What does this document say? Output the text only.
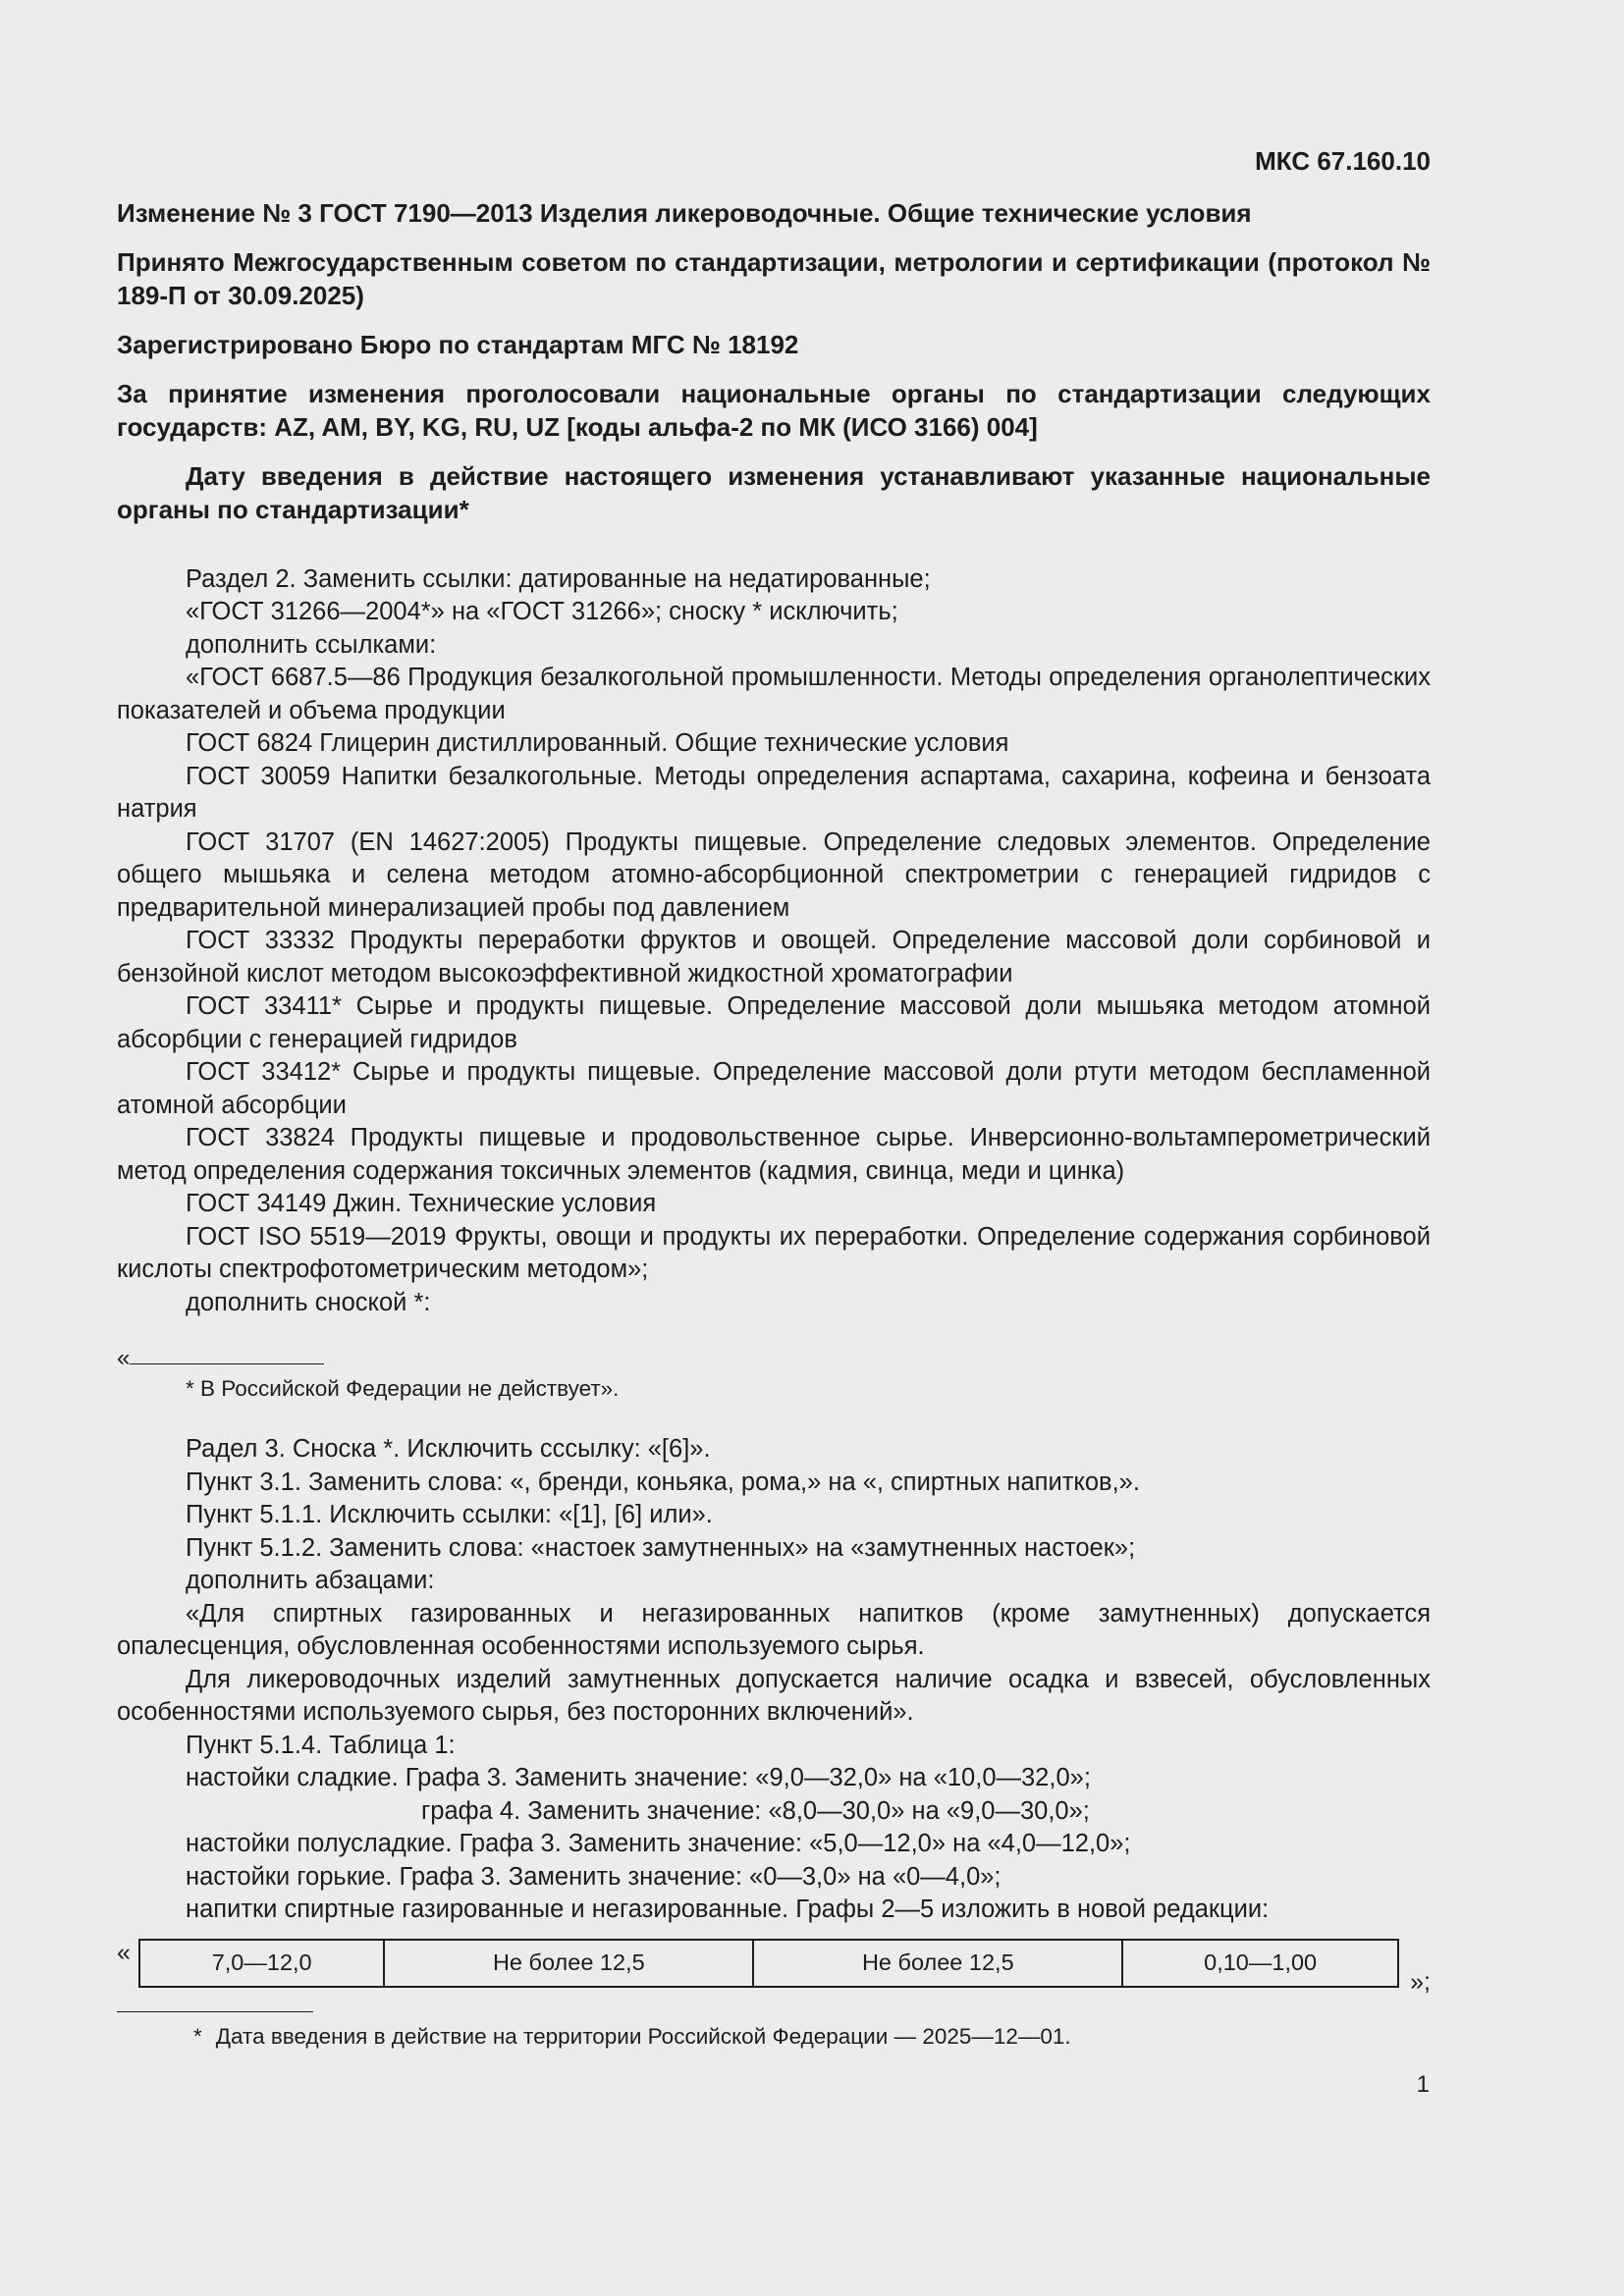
МКС 67.160.10
Изменение № 3 ГОСТ 7190—2013 Изделия ликероводочные. Общие технические условия
Принято Межгосударственным советом по стандартизации, метрологии и сертификации (протокол № 189-П от 30.09.2025)
Зарегистрировано Бюро по стандартам МГС № 18192
За принятие изменения проголосовали национальные органы по стандартизации следующих государств: AZ, AM, BY, KG, RU, UZ [коды альфа-2 по МК (ИСО 3166) 004]
Дату введения в действие настоящего изменения устанавливают указанные национальные органы по стандартизации*

Раздел 2. Заменить ссылки: датированные на недатированные;

«ГОСТ 31266—2004*» на «ГОСТ 31266»; сноску * исключить;

дополнить ссылками:

«ГОСТ 6687.5—86 Продукция безалкогольной промышленности. Методы определения органолептических показателей и объема продукции

ГОСТ 6824 Глицерин дистиллированный. Общие технические условия

ГОСТ 30059 Напитки безалкогольные. Методы определения аспартама, сахарина, кофеина и бензоата натрия

ГОСТ 31707 (EN 14627:2005) Продукты пищевые. Определение следовых элементов. Определение общего мышьяка и селена методом атомно-абсорбционной спектрометрии с генерацией гидридов с предварительной минерализацией пробы под давлением

ГОСТ 33332 Продукты переработки фруктов и овощей. Определение массовой доли сорбиновой и бензойной кислот методом высокоэффективной жидкостной хроматографии

ГОСТ 33411* Сырье и продукты пищевые. Определение массовой доли мышьяка методом атомной абсорбции с генерацией гидридов

ГОСТ 33412* Сырье и продукты пищевые. Определение массовой доли ртути методом беспламенной атомной абсорбции

ГОСТ 33824 Продукты пищевые и продовольственное сырье. Инверсионно-вольтамперометрический метод определения содержания токсичных элементов (кадмия, свинца, меди и цинка)

ГОСТ 34149 Джин. Технические условия

ГОСТ ISO 5519—2019 Фрукты, овощи и продукты их переработки. Определение содержания сорбиновой кислоты спектрофотометрическим методом»;

дополнить сноской *:

«
* В Российской Федерации не действует».

Радел 3. Сноска *. Исключить сссылку: «[6]».

Пункт 3.1. Заменить слова: «, бренди, коньяка, рома,» на «, спиртных напитков,».

Пункт 5.1.1. Исключить ссылки: «[1], [6] или».

Пункт 5.1.2. Заменить слова: «настоек замутненных» на «замутненных настоек»;

дополнить абзацами:

«Для спиртных газированных и негазированных напитков (кроме замутненных) допускается опалесценция, обусловленная особенностями используемого сырья.

Для ликероводочных изделий замутненных допускается наличие осадка и взвесей, обусловленных особенностями используемого сырья, без посторонних включений».

Пункт 5.1.4. Таблица 1:

настойки сладкие. Графа 3. Заменить значение: «9,0—32,0» на «10,0—32,0»;

графа 4. Заменить значение: «8,0—30,0» на «9,0—30,0»;

настойки полусладкие. Графа 3. Заменить значение: «5,0—12,0» на «4,0—12,0»;

настойки горькие. Графа 3. Заменить значение: «0—3,0» на «0—4,0»;

напитки спиртные газированные и негазированные. Графы 2—5 изложить в новой редакции:

«	7,0—12,0	Не более 12,5	Не более 12,5	0,10—1,00
»;
* Дата введения в действие на территории Российской Федерации — 2025—12—01.
1
